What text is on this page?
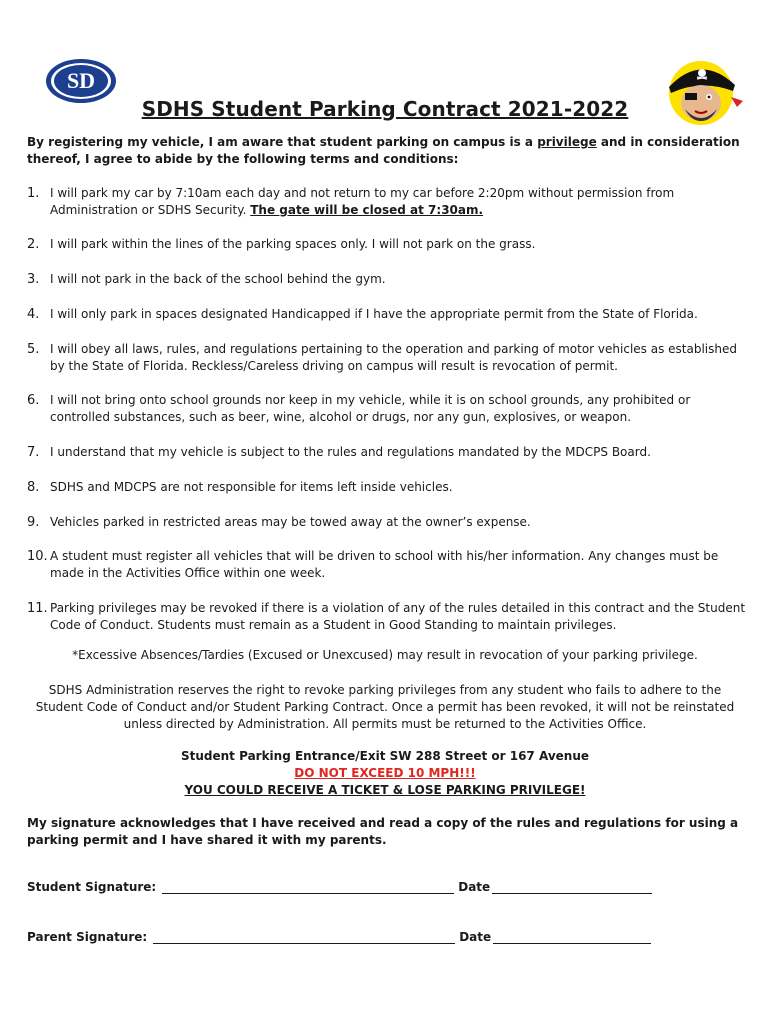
SD
SDHS Student Parking Contract 2021-2022
By registering my vehicle, I am aware that student parking on campus is a privilege and in consideration thereof, I agree to abide by the following terms and conditions:
1. I will park my car by 7:10am each day and not return to my car before 2:20pm without permission from Administration or SDHS Security. The gate will be closed at 7:30am.
2. I will park within the lines of the parking spaces only. I will not park on the grass.
3. I will not park in the back of the school behind the gym.
4. I will only park in spaces designated Handicapped if I have the appropriate permit from the State of Florida.
5. I will obey all laws, rules, and regulations pertaining to the operation and parking of motor vehicles as established by the State of Florida. Reckless/Careless driving on campus will result is revocation of permit.
6. I will not bring onto school grounds nor keep in my vehicle, while it is on school grounds, any prohibited or controlled substances, such as beer, wine, alcohol or drugs, nor any gun, explosives, or weapon.
7. I understand that my vehicle is subject to the rules and regulations mandated by the MDCPS Board.
8. SDHS and MDCPS are not responsible for items left inside vehicles.
9. Vehicles parked in restricted areas may be towed away at the owner’s expense.
10. A student must register all vehicles that will be driven to school with his/her information. Any changes must be made in the Activities Office within one week.
11. Parking privileges may be revoked if there is a violation of any of the rules detailed in this contract and the Student Code of Conduct. Students must remain as a Student in Good Standing to maintain privileges.
*Excessive Absences/Tardies (Excused or Unexcused) may result in revocation of your parking privilege.
SDHS Administration reserves the right to revoke parking privileges from any student who fails to adhere to the Student Code of Conduct and/or Student Parking Contract. Once a permit has been revoked, it will not be reinstated unless directed by Administration. All permits must be returned to the Activities Office.
Student Parking Entrance/Exit SW 288 Street or 167 Avenue
DO NOT EXCEED 10 MPH!!!
YOU COULD RECEIVE A TICKET & LOSE PARKING PRIVILEGE!
My signature acknowledges that I have received and read a copy of the rules and regulations for using a parking permit and I have shared it with my parents.
Student Signature:	Date
Parent Signature:	Date
